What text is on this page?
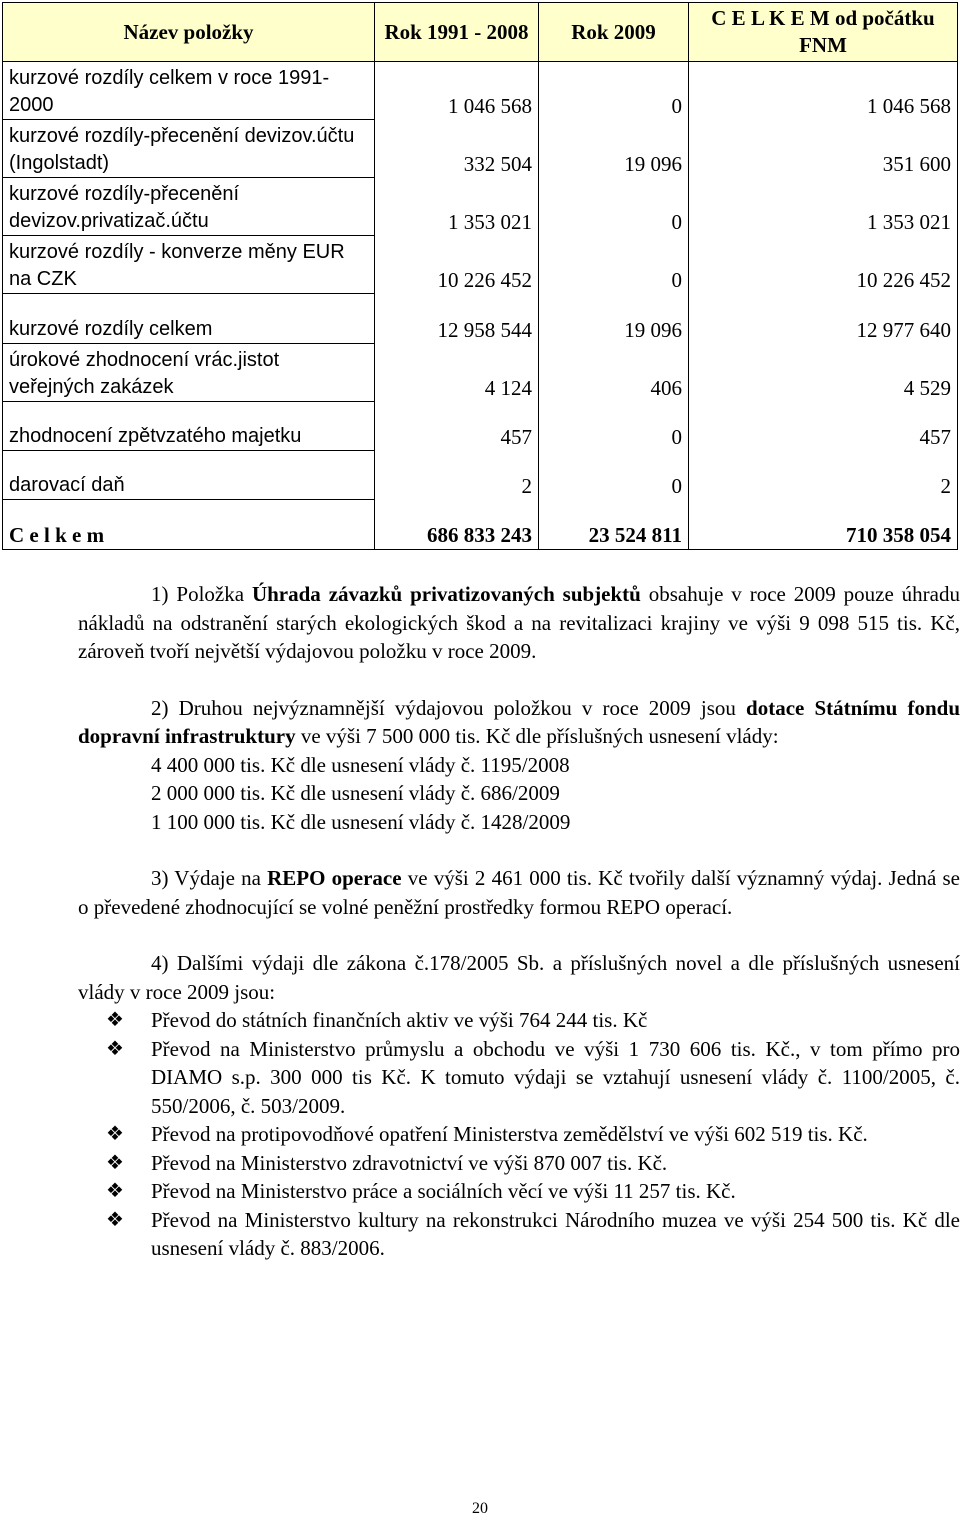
Název položky	Rok 1991 - 2008	Rok 2009	C E L K E M od počátku FNM
kurzové rozdíly celkem v roce 1991-2000	1 046 568	0	1 046 568
kurzové rozdíly-přecenění devizov.účtu (Ingolstadt)	332 504	19 096	351 600
kurzové rozdíly-přecenění devizov.privatizač.účtu	1 353 021	0	1 353 021
kurzové rozdíly - konverze měny EUR na CZK	10 226 452	0	10 226 452
kurzové rozdíly celkem	12 958 544	19 096	12 977 640
úrokové zhodnocení vrác.jistot veřejných zakázek	4 124	406	4 529
zhodnocení zpětvzatého majetku	457	0	457
darovací daň	2	0	2
C e l k e m	686 833 243	23 524 811	710 358 054

1) Položka Úhrada závazků privatizovaných subjektů obsahuje v roce 2009 pouze úhradu nákladů na odstranění starých ekologických škod a na revitalizaci krajiny ve výši 9 098 515 tis. Kč, zároveň tvoří největší výdajovou položku v roce 2009.

2) Druhou nejvýznamnější výdajovou položkou v roce 2009 jsou dotace Státnímu fondu dopravní infrastruktury ve výši 7 500 000 tis. Kč dle příslušných usnesení vlády:

4 400 000 tis. Kč dle usnesení vlády č. 1195/2008
2 000 000 tis. Kč dle usnesení vlády č. 686/2009
1 100 000 tis. Kč dle usnesení vlády č. 1428/2009

3) Výdaje na REPO operace ve výši 2 461 000 tis. Kč tvořily další významný výdaj. Jedná se o převedené zhodnocující se volné peněžní prostředky formou REPO operací.

4) Dalšími výdaji dle zákona č.178/2005 Sb. a příslušných novel a dle příslušných usnesení vlády v roce 2009 jsou:

❖ Převod do státních finančních aktiv ve výši 764 244 tis. Kč
❖ Převod na Ministerstvo průmyslu a obchodu ve výši 1 730 606 tis. Kč., v tom přímo pro DIAMO s.p. 300 000 tis Kč. K tomuto výdaji se vztahují usnesení vlády č. 1100/2005, č. 550/2006, č. 503/2009.
❖ Převod na protipovodňové opatření Ministerstva zemědělství ve výši 602 519 tis. Kč.
❖ Převod na Ministerstvo zdravotnictví ve výši 870 007 tis. Kč.
❖ Převod na Ministerstvo práce a sociálních věcí ve výši 11 257 tis. Kč.
❖ Převod na Ministerstvo kultury na rekonstrukci Národního muzea ve výši 254 500 tis. Kč dle usnesení vlády č. 883/2006.
20
